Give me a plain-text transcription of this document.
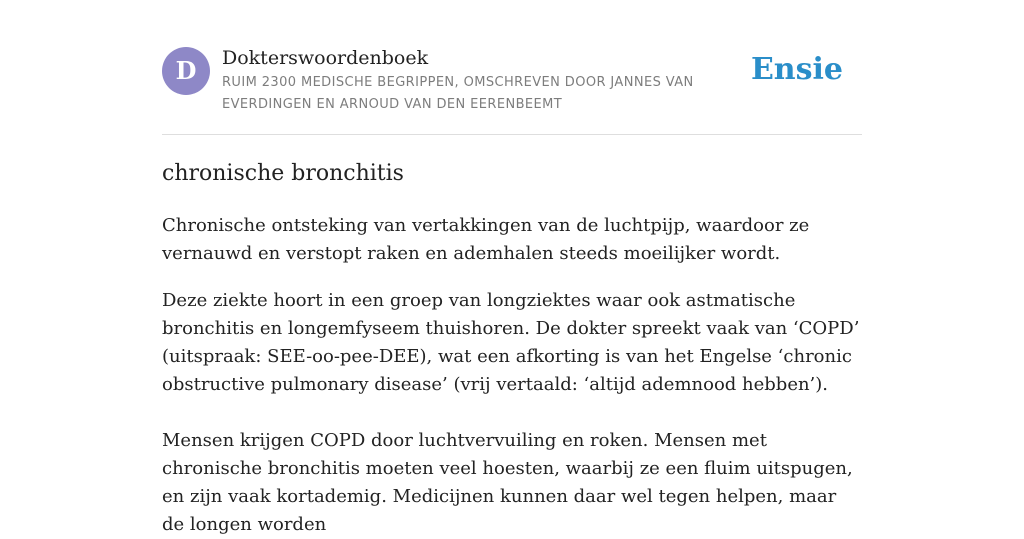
D	Dokterswoordenboek
RUIM 2300 MEDISCHE BEGRIPPEN, OMSCHREVEN DOOR JANNES VAN EVERDINGEN EN ARNOUD VAN DEN EERENBEEMT
Ensie
chronische bronchitis

Chronische ontsteking van vertakkingen van de luchtpijp, waardoor ze vernauwd en verstopt raken en ademhalen steeds moeilijker wordt.

Deze ziekte hoort in een groep van longziektes waar ook astmatische bronchitis en longemfyseem thuishoren. De dokter spreekt vaak van ‘COPD’ (uitspraak: SEE-oo-pee-DEE), wat een afkorting is van het Engelse ‘chronic obstructive pulmonary disease’ (vrij vertaald: ‘altijd ademnood hebben’).

Mensen krijgen COPD door luchtvervuiling en roken. Mensen met chronische bronchitis moeten veel hoesten, waarbij ze een fluim uitspugen, en zijn vaak kortademig. Medicijnen kunnen daar wel tegen helpen, maar de longen worden
